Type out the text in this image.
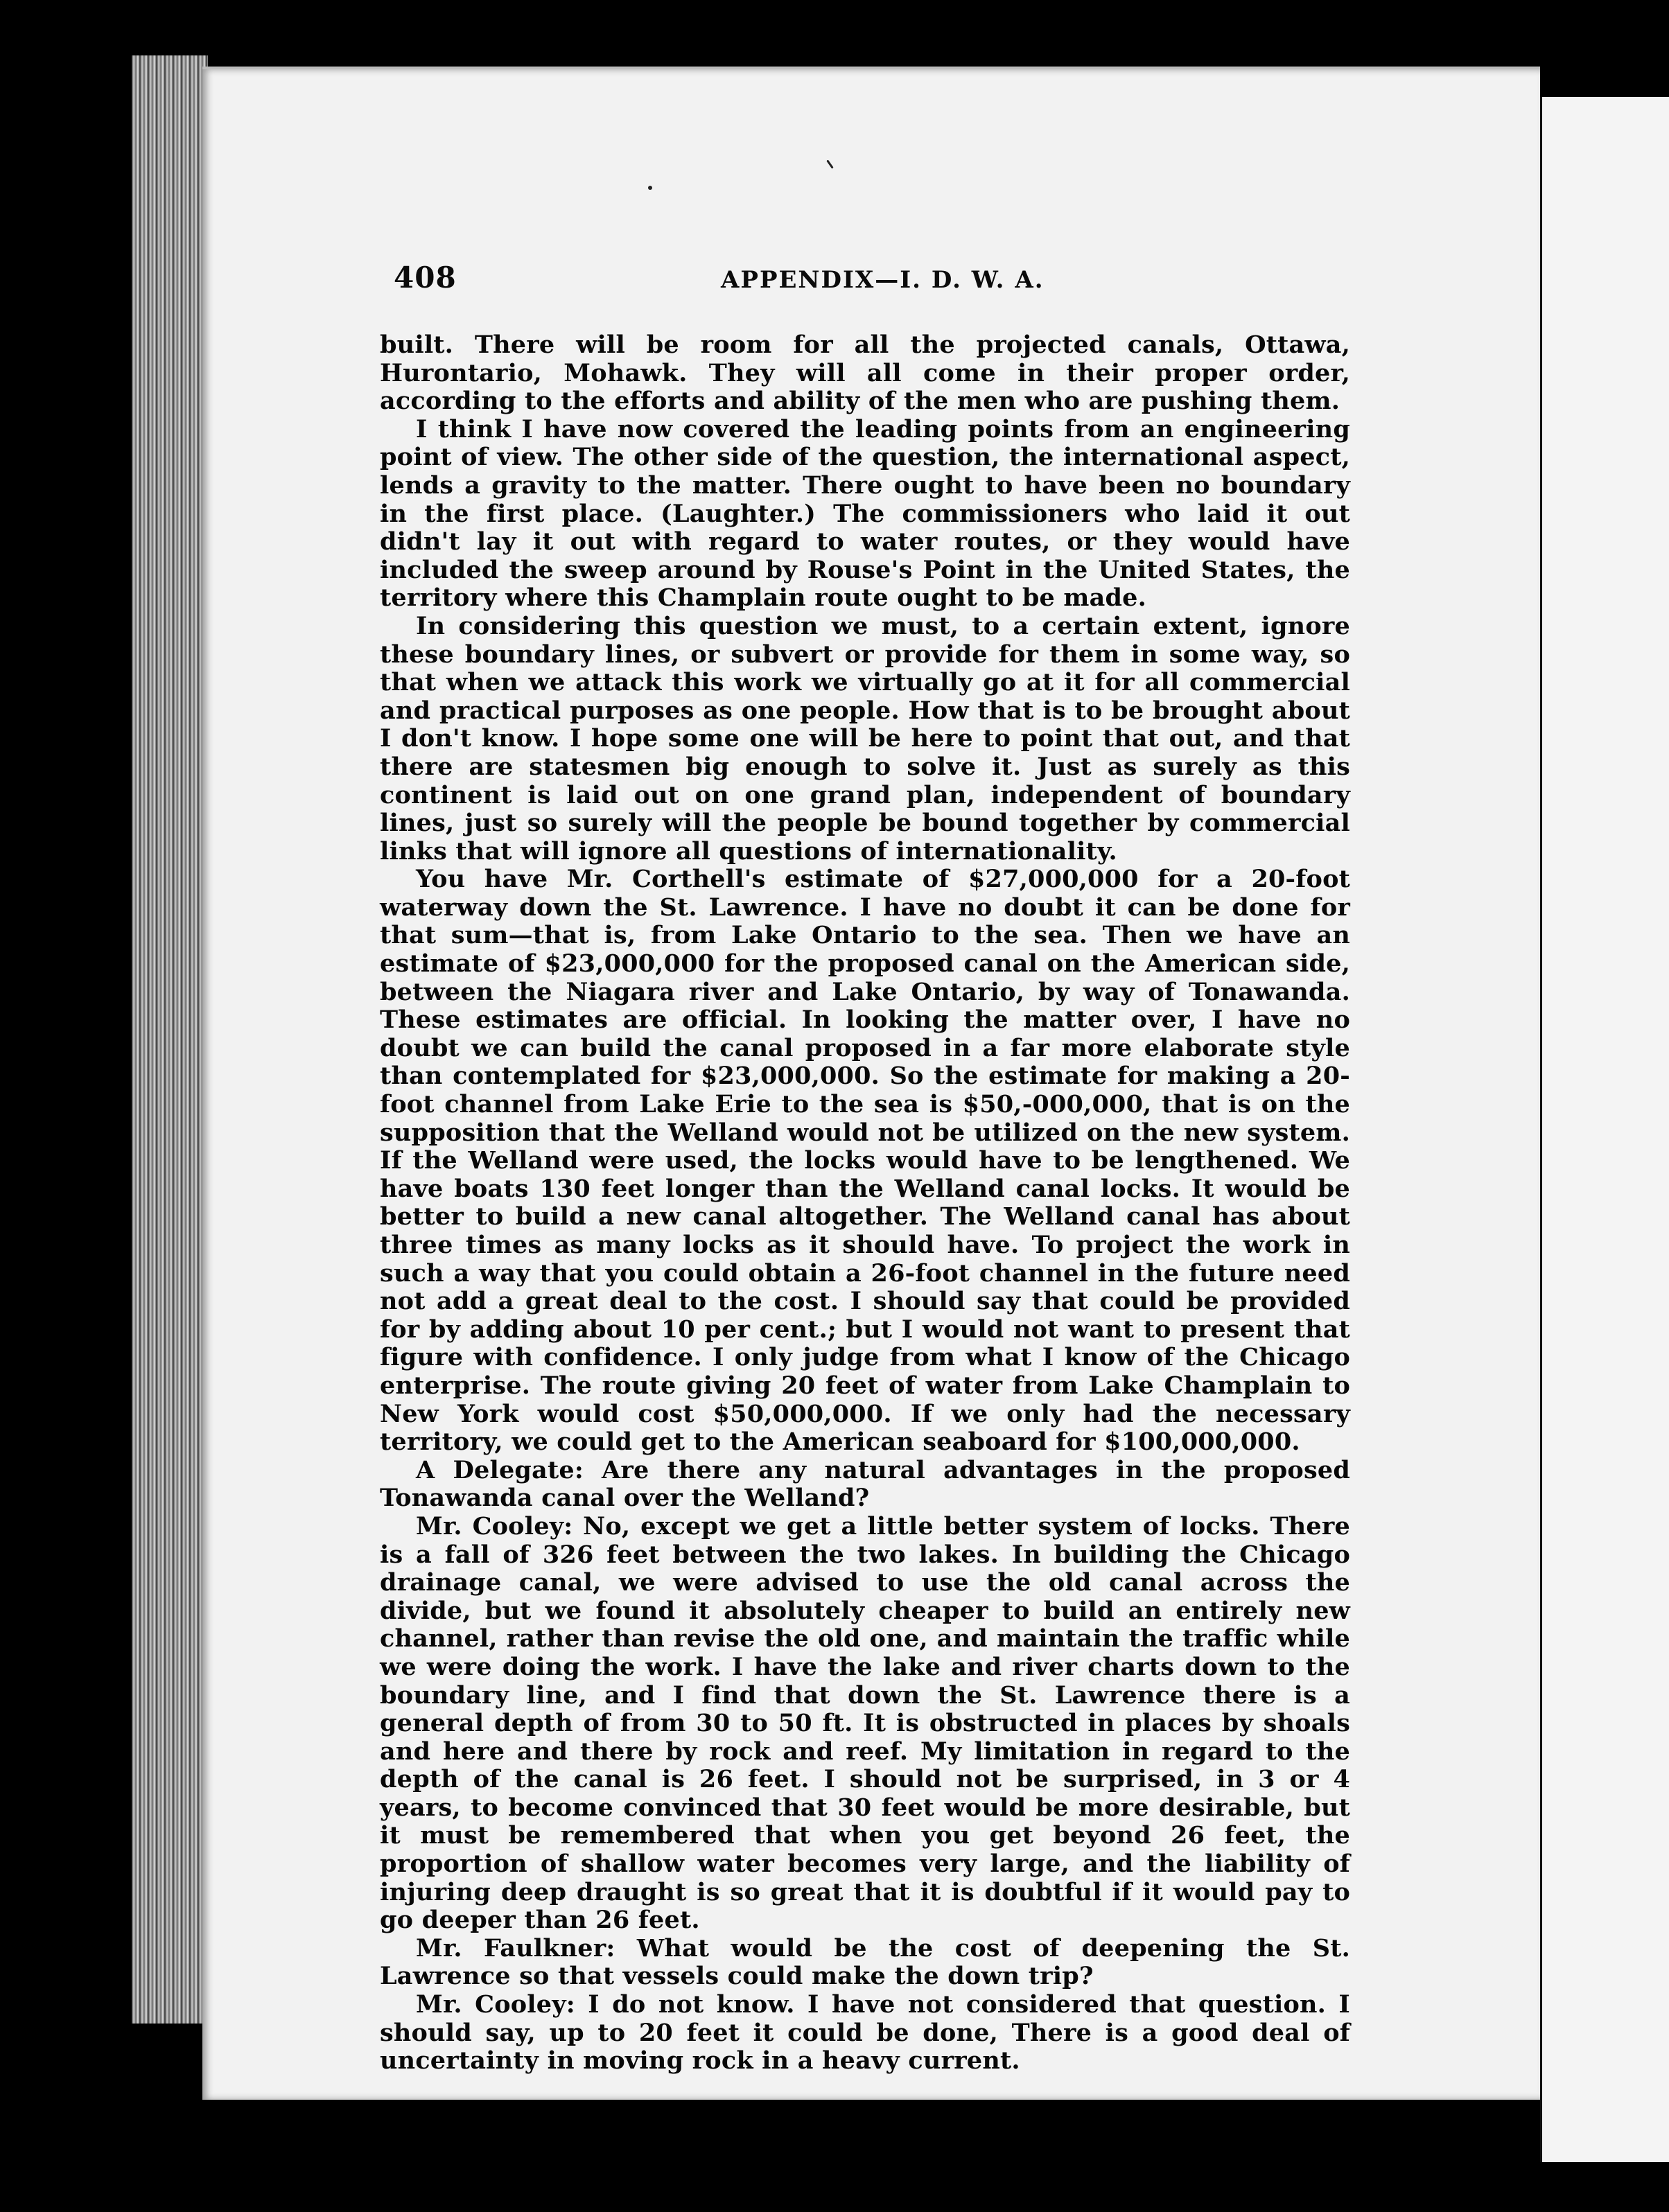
408	APPENDIX—I. D. W. A.

built. There will be room for all the projected canals, Ottawa, Hurontario, Mohawk. They will all come in their proper order, according to the efforts and ability of the men who are pushing them.

I think I have now covered the leading points from an engineering point of view. The other side of the question, the international aspect, lends a gravity to the matter. There ought to have been no boundary in the first place. (Laughter.) The commissioners who laid it out didn't lay it out with regard to water routes, or they would have included the sweep around by Rouse's Point in the United States, the territory where this Champlain route ought to be made.

In considering this question we must, to a certain extent, ignore these boundary lines, or subvert or provide for them in some way, so that when we attack this work we virtually go at it for all commercial and practical purposes as one people. How that is to be brought about I don't know. I hope some one will be here to point that out, and that there are statesmen big enough to solve it. Just as surely as this continent is laid out on one grand plan, independent of boundary lines, just so surely will the people be bound together by commercial links that will ignore all questions of internationality.

You have Mr. Corthell's estimate of $27,000,000 for a 20-foot waterway down the St. Lawrence. I have no doubt it can be done for that sum—that is, from Lake Ontario to the sea. Then we have an estimate of $23,000,000 for the proposed canal on the American side, between the Niagara river and Lake Ontario, by way of Tonawanda. These estimates are official. In looking the matter over, I have no doubt we can build the canal proposed in a far more elaborate style than contemplated for $23,000,000. So the estimate for making a 20-foot channel from Lake Erie to the sea is $50,-000,000, that is on the supposition that the Welland would not be utilized on the new system. If the Welland were used, the locks would have to be lengthened. We have boats 130 feet longer than the Welland canal locks. It would be better to build a new canal altogether. The Welland canal has about three times as many locks as it should have. To project the work in such a way that you could obtain a 26-foot channel in the future need not add a great deal to the cost. I should say that could be provided for by adding about 10 per cent.; but I would not want to present that figure with confidence. I only judge from what I know of the Chicago enterprise. The route giving 20 feet of water from Lake Champlain to New York would cost $50,000,000. If we only had the necessary territory, we could get to the American seaboard for $100,000,000.

A Delegate: Are there any natural advantages in the proposed Tonawanda canal over the Welland?

Mr. Cooley: No, except we get a little better system of locks. There is a fall of 326 feet between the two lakes. In building the Chicago drainage canal, we were advised to use the old canal across the divide, but we found it absolutely cheaper to build an entirely new channel, rather than revise the old one, and maintain the traffic while we were doing the work. I have the lake and river charts down to the boundary line, and I find that down the St. Lawrence there is a general depth of from 30 to 50 ft. It is obstructed in places by shoals and here and there by rock and reef. My limitation in regard to the depth of the canal is 26 feet. I should not be surprised, in 3 or 4 years, to become convinced that 30 feet would be more desirable, but it must be remembered that when you get beyond 26 feet, the proportion of shallow water becomes very large, and the liability of injuring deep draught is so great that it is doubtful if it would pay to go deeper than 26 feet.

Mr. Faulkner: What would be the cost of deepening the St. Lawrence so that vessels could make the down trip?

Mr. Cooley: I do not know. I have not considered that question. I should say, up to 20 feet it could be done, There is a good deal of uncertainty in moving rock in a heavy current.
